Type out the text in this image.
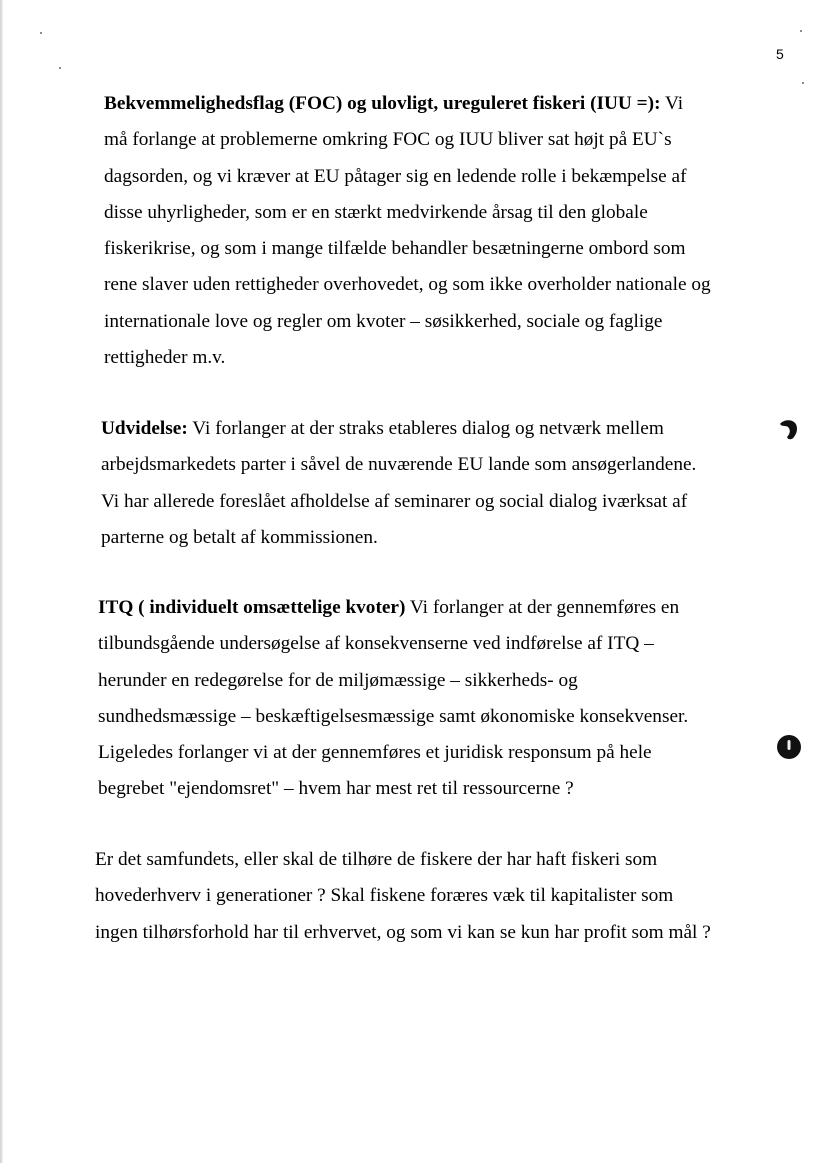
5
Bekvemmelighedsflag (FOC) og ulovligt, ureguleret fiskeri (IUU =): Vi
må forlange at problemerne omkring FOC og IUU bliver sat højt på EU`s
dagsorden, og vi kræver at EU påtager sig en ledende rolle i bekæmpelse af
disse uhyrligheder, som er en stærkt medvirkende årsag til den globale
fiskerikrise, og som i mange tilfælde behandler besætningerne ombord som
rene slaver uden rettigheder overhovedet, og som ikke overholder nationale og
internationale love og regler om kvoter – søsikkerhed, sociale og faglige
rettigheder m.v.
Udvidelse: Vi forlanger at der straks etableres dialog og netværk mellem
arbejdsmarkedets parter i såvel de nuværende EU lande som ansøgerlandene.
Vi har allerede foreslået afholdelse af seminarer og social dialog iværksat af
parterne og betalt af kommissionen.
ITQ ( individuelt omsættelige kvoter) Vi forlanger at der gennemføres en
tilbundsgående undersøgelse af konsekvenserne ved indførelse af ITQ –
herunder en redegørelse for de miljømæssige – sikkerheds- og
sundhedsmæssige – beskæftigelsesmæssige samt økonomiske konsekvenser.
Ligeledes forlanger vi at der gennemføres et juridisk responsum på hele
begrebet "ejendomsret" – hvem har mest ret til ressourcerne ?
Er det samfundets, eller skal de tilhøre de fiskere der har haft fiskeri som
hovederhverv i generationer ? Skal fiskene foræres væk til kapitalister som
ingen tilhørsforhold har til erhvervet, og som vi kan se kun har profit som mål ?
